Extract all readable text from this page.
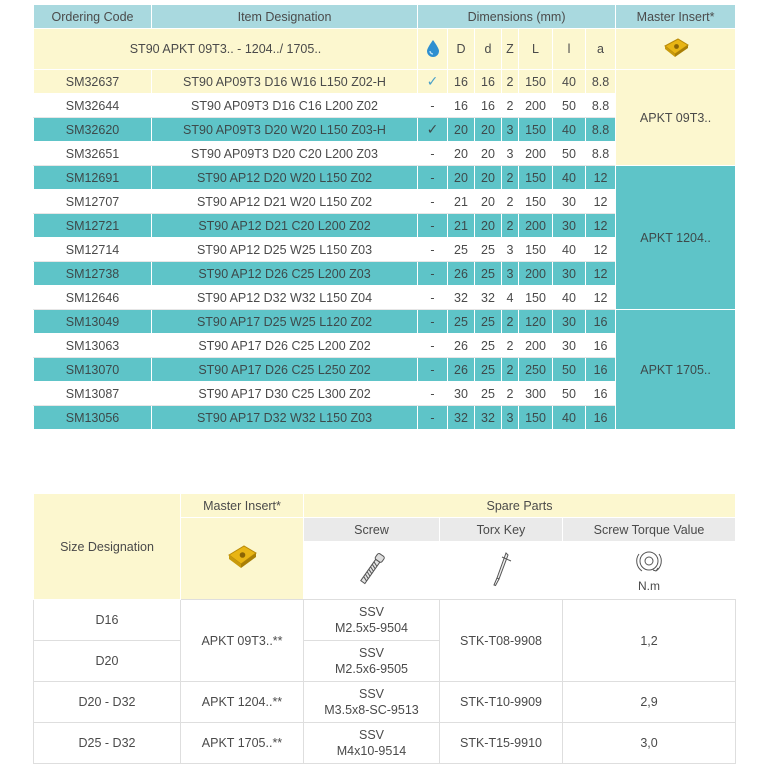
Ordering Code	Item Designation	Dimensions (mm)							Master Insert*
ST90 APKT 09T3.. - 1204../ 1705..			D	d	Z	L	l	a	
SM32637	ST90 AP09T3 D16 W16 L150 Z02-H	✓	16	16	2	150	40	8.8	APKT 09T3..
SM32644	ST90 AP09T3 D16 C16 L200 Z02	-	16	16	2	200	50	8.8	
SM32620	ST90 AP09T3 D20 W20 L150 Z03-H	✓	20	20	3	150	40	8.8	
SM32651	ST90 AP09T3 D20 C20 L200 Z03	-	20	20	3	200	50	8.8	
SM12691	ST90 AP12 D20 W20 L150 Z02	-	20	20	2	150	40	12	APKT 1204..
SM12707	ST90 AP12 D21 W20 L150 Z02	-	21	20	2	150	30	12	
SM12721	ST90 AP12 D21 C20 L200 Z02	-	21	20	2	200	30	12	
SM12714	ST90 AP12 D25 W25 L150 Z03	-	25	25	3	150	40	12	
SM12738	ST90 AP12 D26 C25 L200 Z03	-	26	25	3	200	30	12	
SM12646	ST90 AP12 D32 W32 L150 Z04	-	32	32	4	150	40	12	
SM13049	ST90 AP17 D25 W25 L120 Z02	-	25	25	2	120	30	16	APKT 1705..
SM13063	ST90 AP17 D26 C25 L200 Z02	-	26	25	2	200	30	16	
SM13070	ST90 AP17 D26 C25 L250 Z02	-	26	25	2	250	50	16	
SM13087	ST90 AP17 D30 C25 L300 Z02	-	30	25	2	300	50	16	
SM13056	ST90 AP17 D32 W32 L150 Z03	-	32	32	3	150	40	16	
Size Designation	Master Insert*	Spare Parts		
	Screw	Torx Key	Screw Torque Value

N.m

D16	APKT 09T3..**	SSV
M2.5x5-9504	STK-T08-9908	1,2
D20		SSV
M2.5x6-9505		
D20 - D32	APKT 1204..**	SSV
M3.5x8-SC-9513	STK-T10-9909	2,9
D25 - D32	APKT 1705..**	SSV
M4x10-9514	STK-T15-9910	3,0
